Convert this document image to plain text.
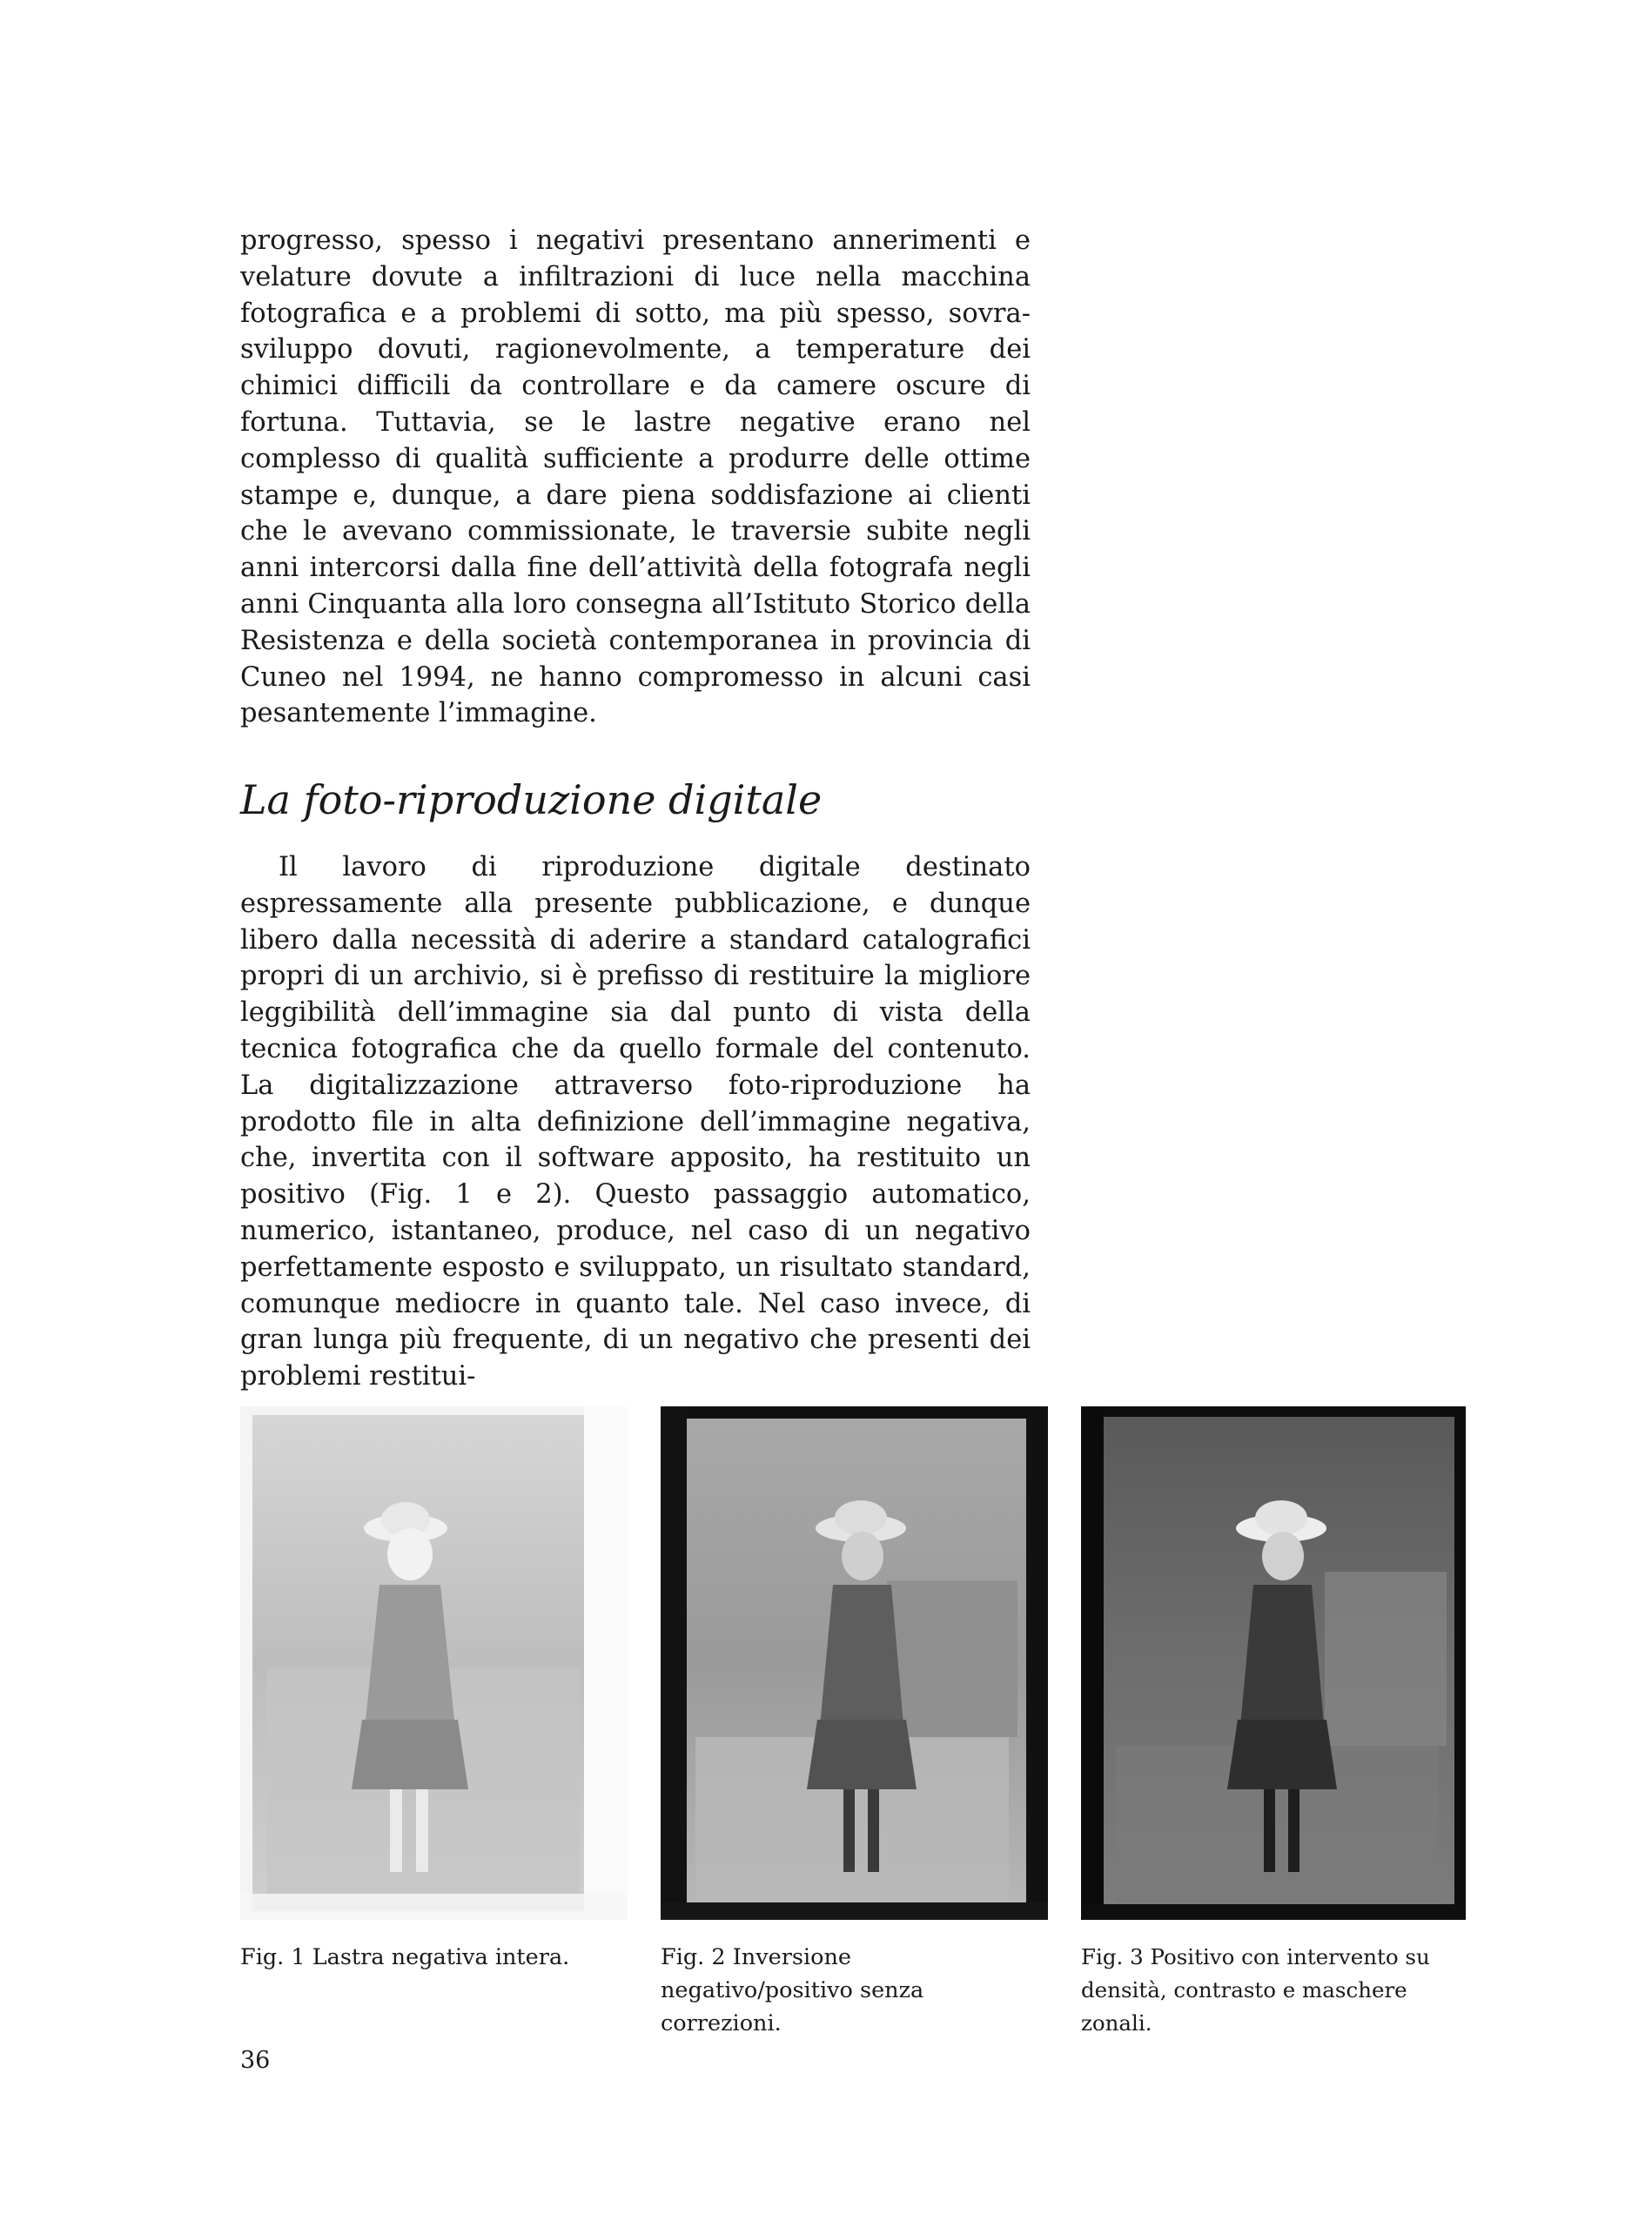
progresso, spesso i negativi presentano annerimenti e velature dovute a infiltrazioni di luce nella macchina fotografica e a problemi di sotto, ma più spesso, sovra-sviluppo dovuti, ragionevolmente, a temperature dei chimici difficili da controllare e da camere oscure di fortuna. Tuttavia, se le lastre negative erano nel complesso di qualità sufficiente a produrre delle ottime stampe e, dunque, a dare piena soddisfazione ai clienti che le avevano commissionate, le traversie subite negli anni intercorsi dalla fine dell’attività della fotografa negli anni Cinquanta alla loro consegna all’Istituto Storico della Resistenza e della società contemporanea in provincia di Cuneo nel 1994, ne hanno compromesso in alcuni casi pesantemente l’immagine.

La foto-riproduzione digitale

Il lavoro di riproduzione digitale destinato espressamente alla presente pubblicazione, e dunque libero dalla necessità di aderire a standard catalografici propri di un archivio, si è prefisso di restituire la migliore leggibilità dell’immagine sia dal punto di vista della tecnica fotografica che da quello formale del contenuto. La digitalizzazione attraverso foto-riproduzione ha prodotto file in alta definizione dell’immagine negativa, che, invertita con il software apposito, ha restituito un positivo (Fig. 1 e 2). Questo passaggio automatico, numerico, istantaneo, produce, nel caso di un negativo perfettamente esposto e sviluppato, un risultato standard, comunque mediocre in quanto tale. Nel caso invece, di gran lunga più frequente, di un negativo che presenti dei problemi restitui-

Fig. 1 Lastra negativa intera.	Fig. 2 Inversione negativo/positivo senza correzioni.
Fig. 3 Positivo con intervento su densità, contrasto e maschere zonali.
36
